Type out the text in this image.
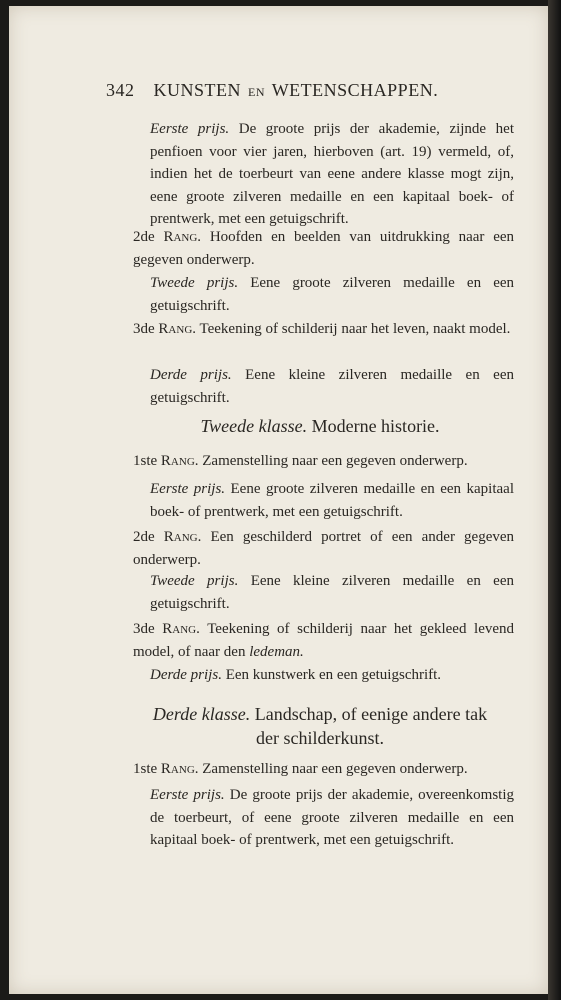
342 KUNSTEN EN WETENSCHAPPEN.
Eerste prijs. De groote prijs der akademie, zijnde het penfioen voor vier jaren, hierboven (art. 19) vermeld, of, indien het de toerbeurt van eene andere klasse mogt zijn, eene groote zilveren medaille en een kapitaal boek- of prentwerk, met een getuigschrift.
2de Rang. Hoofden en beelden van uitdrukking naar een gegeven onderwerp.
Tweede prijs. Eene groote zilveren medaille en een getuigschrift.
3de Rang. Teekening of schilderij naar het leven, naakt model.
Derde prijs. Eene kleine zilveren medaille en een getuigschrift.
Tweede klasse. Moderne historie.
1ste Rang. Zamenstelling naar een gegeven onderwerp.
Eerste prijs. Eene groote zilveren medaille en een kapitaal boek- of prentwerk, met een getuigschrift.
2de Rang. Een geschilderd portret of een ander gegeven onderwerp.
Tweede prijs. Eene kleine zilveren medaille en een getuigschrift.
3de Rang. Teekening of schilderij naar het gekleed levend model, of naar den ledeman.
Derde prijs. Een kunstwerk en een getuigschrift.
Derde klasse. Landschap, of eenige andere tak der schilderkunst.
1ste Rang. Zamenstelling naar een gegeven onderwerp.
Eerste prijs. De groote prijs der akademie, overeenkomstig de toerbeurt, of eene groote zilveren medaille en een kapitaal boek- of prentwerk, met een getuigschrift.
